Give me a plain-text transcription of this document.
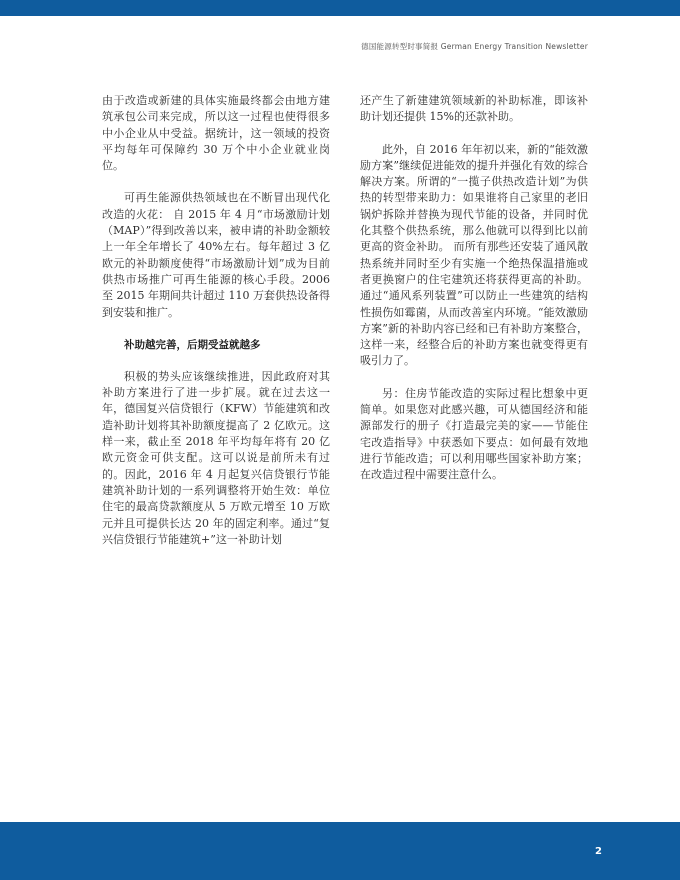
德国能源转型时事简报 German Energy Transition Newsletter

由于改造或新建的具体实施最终都会由地方建筑承包公司来完成，所以这一过程也使得很多中小企业从中受益。据统计，这一领域的投资平均每年可保障约 30 万个中小企业就业岗位。

可再生能源供热领域也在不断冒出现代化改造的火花： 自 2015 年 4 月“市场激励计划（MAP）”得到改善以来，被申请的补助金额较上一年全年增长了 40%左右。每年超过 3 亿欧元的补助额度使得“市场激励计划”成为目前供热市场推广可再生能源的核心手段。2006 至 2015 年期间共计超过 110 万套供热设备得到安装和推广。

补助越完善，后期受益就越多

积极的势头应该继续推进，因此政府对其补助方案进行了进一步扩展。就在过去这一年，德国复兴信贷银行（KFW）节能建筑和改造补助计划将其补助额度提高了 2 亿欧元。这样一来，截止至 2018 年平均每年将有 20 亿欧元资金可供支配。这可以说是前所未有过的。因此，2016 年 4 月起复兴信贷银行节能建筑补助计划的一系列调整将开始生效：单位住宅的最高贷款额度从 5 万欧元增至 10 万欧元并且可提供长达 20 年的固定利率。通过“复兴信贷银行节能建筑+”这一补助计划

还产生了新建建筑领域新的补助标准，即该补助计划还提供 15%的还款补助。

此外，自 2016 年年初以来，新的“能效激励方案”继续促进能效的提升并强化有效的综合解决方案。所谓的“一揽子供热改造计划”为供热的转型带来助力：如果谁将自己家里的老旧锅炉拆除并替换为现代节能的设备，并同时优化其整个供热系统，那么他就可以得到比以前更高的资金补助。 而所有那些还安装了通风散热系统并同时至少有实施一个绝热保温措施或者更换窗户的住宅建筑还将获得更高的补助。通过“通风系列装置”可以防止一些建筑的结构性损伤如霉菌，从而改善室内环境。“能效激励方案”新的补助内容已经和已有补助方案整合，这样一来，经整合后的补助方案也就变得更有吸引力了。

另：住房节能改造的实际过程比想象中更简单。如果您对此感兴趣，可从德国经济和能源部发行的册子《打造最完美的家——节能住宅改造指导》中获悉如下要点：如何最有效地进行节能改造；可以利用哪些国家补助方案；在改造过程中需要注意什么。

2
